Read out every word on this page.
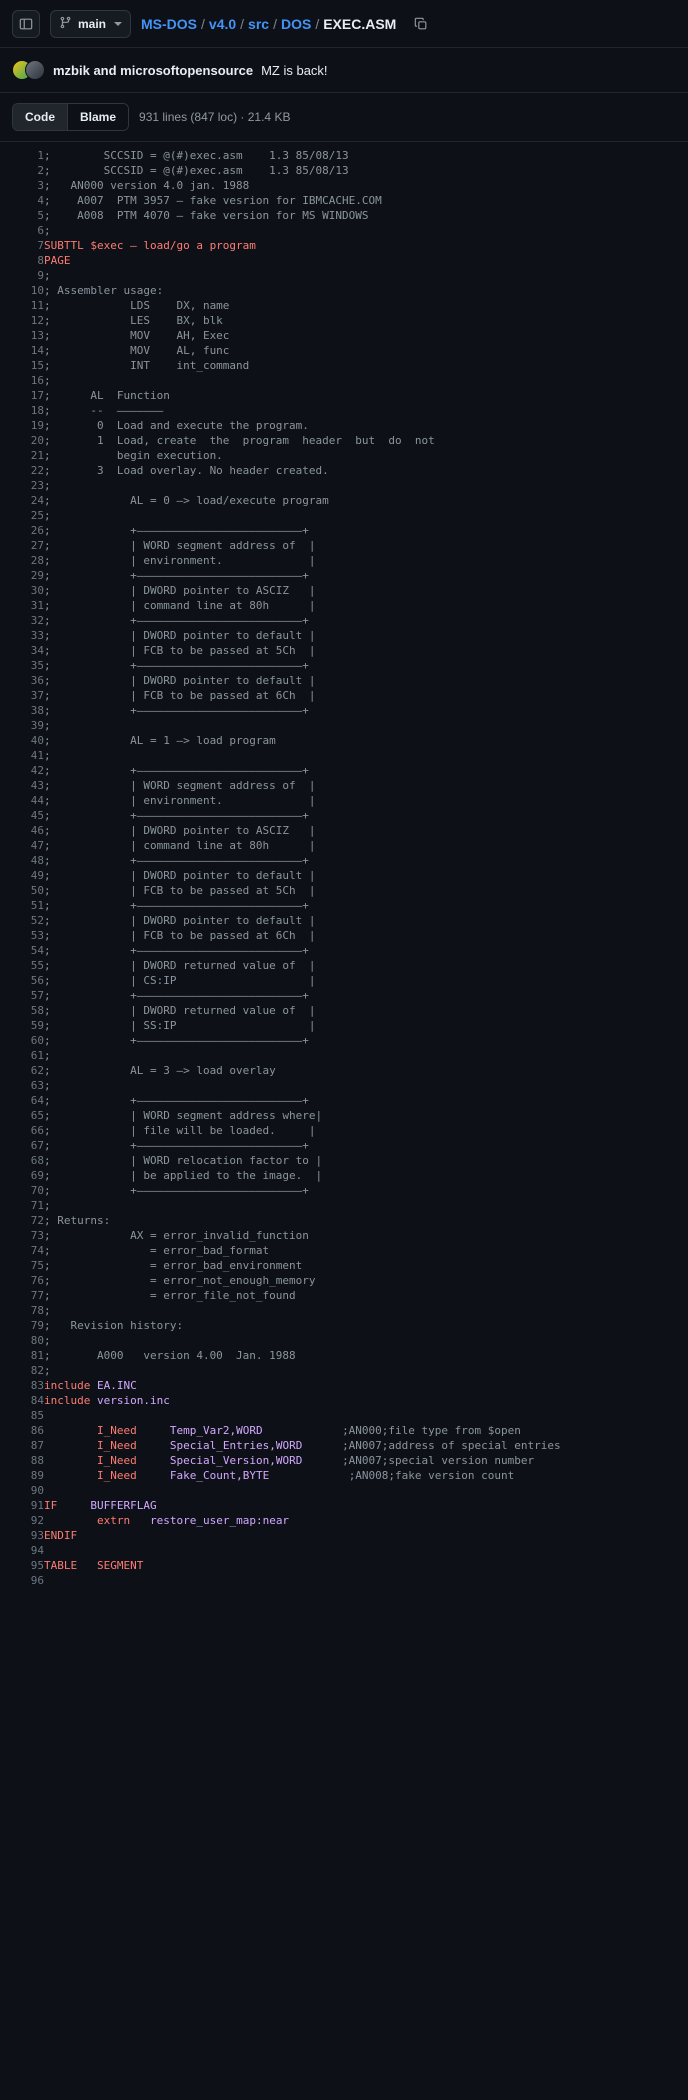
main	MS-DOS / v4.0 / src / DOS / EXEC.ASM
mzbik and microsoftopensource MZ is back!
Code	Blame	931 lines (847 loc) · 21.4 KB
1	;        SCCSID = @(#)exec.asm    1.3 85/08/13
2	;        SCCSID = @(#)exec.asm    1.3 85/08/13
3	;   AN000 version 4.0 jan. 1988
4	;    A007  PTM 3957 — fake vesrion for IBMCACHE.COM
5	;    A008  PTM 4070 — fake version for MS WINDOWS
6	;
7	SUBTTL $exec — load/go a program
8	PAGE
9	;
10	; Assembler usage:
11	;            LDS    DX, name
12	;            LES    BX, blk
13	;            MOV    AH, Exec
14	;            MOV    AL, func
15	;            INT    int_command
16	;
17	;      AL  Function
18	;      --  ———————
19	;       0  Load and execute the program.
20	;       1  Load, create  the  program  header  but  do  not
21	;          begin execution.
22	;       3  Load overlay. No header created.
23	;
24	;            AL = 0 —> load/execute program
25	;
26	;            +—————————————————————————+
27	;            | WORD segment address of  |
28	;            | environment.             |
29	;            +—————————————————————————+
30	;            | DWORD pointer to ASCIZ   |
31	;            | command line at 80h      |
32	;            +—————————————————————————+
33	;            | DWORD pointer to default |
34	;            | FCB to be passed at 5Ch  |
35	;            +—————————————————————————+
36	;            | DWORD pointer to default |
37	;            | FCB to be passed at 6Ch  |
38	;            +—————————————————————————+
39	;
40	;            AL = 1 —> load program
41	;
42	;            +—————————————————————————+
43	;            | WORD segment address of  |
44	;            | environment.             |
45	;            +—————————————————————————+
46	;            | DWORD pointer to ASCIZ   |
47	;            | command line at 80h      |
48	;            +—————————————————————————+
49	;            | DWORD pointer to default |
50	;            | FCB to be passed at 5Ch  |
51	;            +—————————————————————————+
52	;            | DWORD pointer to default |
53	;            | FCB to be passed at 6Ch  |
54	;            +—————————————————————————+
55	;            | DWORD returned value of  |
56	;            | CS:IP                    |
57	;            +—————————————————————————+
58	;            | DWORD returned value of  |
59	;            | SS:IP                    |
60	;            +—————————————————————————+
61	;
62	;            AL = 3 —> load overlay
63	;
64	;            +—————————————————————————+
65	;            | WORD segment address where|
66	;            | file will be loaded.     |
67	;            +—————————————————————————+
68	;            | WORD relocation factor to |
69	;            | be applied to the image.  |
70	;            +—————————————————————————+
71	;
72	; Returns:
73	;            AX = error_invalid_function
74	;               = error_bad_format
75	;               = error_bad_environment
76	;               = error_not_enough_memory
77	;               = error_file_not_found
78	;
79	;   Revision history:
80	;
81	;       A000   version 4.00  Jan. 1988
82	;
83	include EA.INC
84	include version.inc
85	
86	I_Need Temp_Var2,WORD ;AN000;file type from $open
87	I_Need Special_Entries,WORD ;AN007;address of special entries
88	I_Need Special_Version,WORD ;AN007;special version number
89	I_Need Fake_Count,BYTE ;AN008;fake version count
90	
91	IF BUFFERFLAG
92	extrn restore_user_map:near
93	ENDIF
94	
95	TABLE SEGMENT
96	
